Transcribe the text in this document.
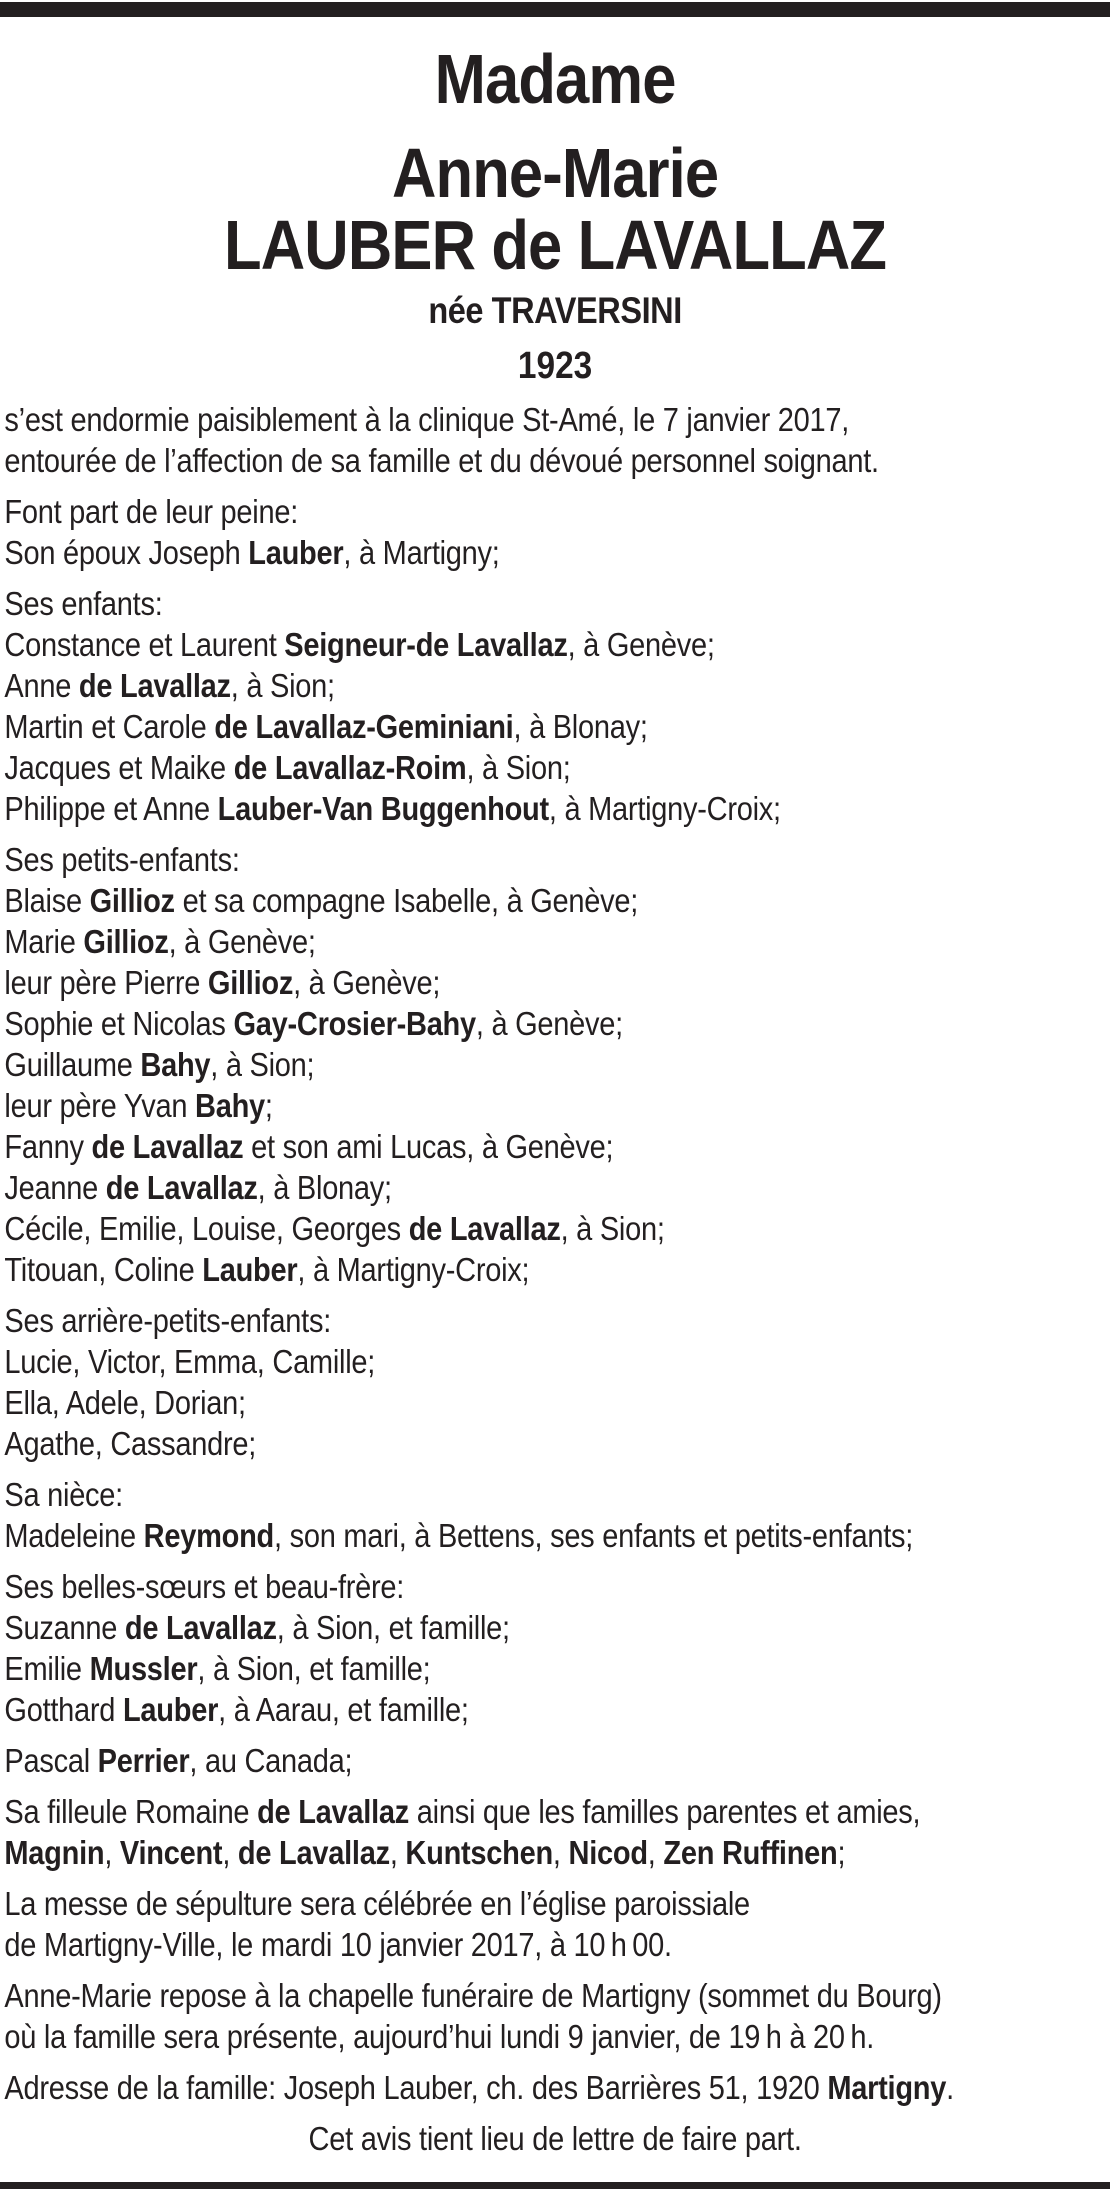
Madame
Anne-Marie
LAUBER de LAVALLAZ
née TRAVERSINI
1923

s’est endormie paisiblement à la clinique St-Amé, le 7 janvier 2017,
entourée de l’affection de sa famille et du dévoué personnel soignant.

Font part de leur peine:
Son époux Joseph Lauber, à Martigny;

Ses enfants:
Constance et Laurent Seigneur-de Lavallaz, à Genève;
Anne de Lavallaz, à Sion;
Martin et Carole de Lavallaz-Geminiani, à Blonay;
Jacques et Maike de Lavallaz-Roim, à Sion;
Philippe et Anne Lauber-Van Buggenhout, à Martigny-Croix;

Ses petits-enfants:
Blaise Gillioz et sa compagne Isabelle, à Genève;
Marie Gillioz, à Genève;
leur père Pierre Gillioz, à Genève;
Sophie et Nicolas Gay-Crosier-Bahy, à Genève;
Guillaume Bahy, à Sion;
leur père Yvan Bahy;
Fanny de Lavallaz et son ami Lucas, à Genève;
Jeanne de Lavallaz, à Blonay;
Cécile, Emilie, Louise, Georges de Lavallaz, à Sion;
Titouan, Coline Lauber, à Martigny-Croix;

Ses arrière-petits-enfants:
Lucie, Victor, Emma, Camille;
Ella, Adele, Dorian;
Agathe, Cassandre;

Sa nièce:
Madeleine Reymond, son mari, à Bettens, ses enfants et petits-enfants;

Ses belles-sœurs et beau-frère:
Suzanne de Lavallaz, à Sion, et famille;
Emilie Mussler, à Sion, et famille;
Gotthard Lauber, à Aarau, et famille;

Pascal Perrier, au Canada;

Sa filleule Romaine de Lavallaz ainsi que les familles parentes et amies,
Magnin, Vincent, de Lavallaz, Kuntschen, Nicod, Zen Ruffinen;

La messe de sépulture sera célébrée en l’église paroissiale
de Martigny-Ville, le mardi 10 janvier 2017, à 10 h 00.

Anne-Marie repose à la chapelle funéraire de Martigny (sommet du Bourg)
où la famille sera présente, aujourd’hui lundi 9 janvier, de 19 h à 20 h.

Adresse de la famille: Joseph Lauber, ch. des Barrières 51, 1920 Martigny.

Cet avis tient lieu de lettre de faire part.
